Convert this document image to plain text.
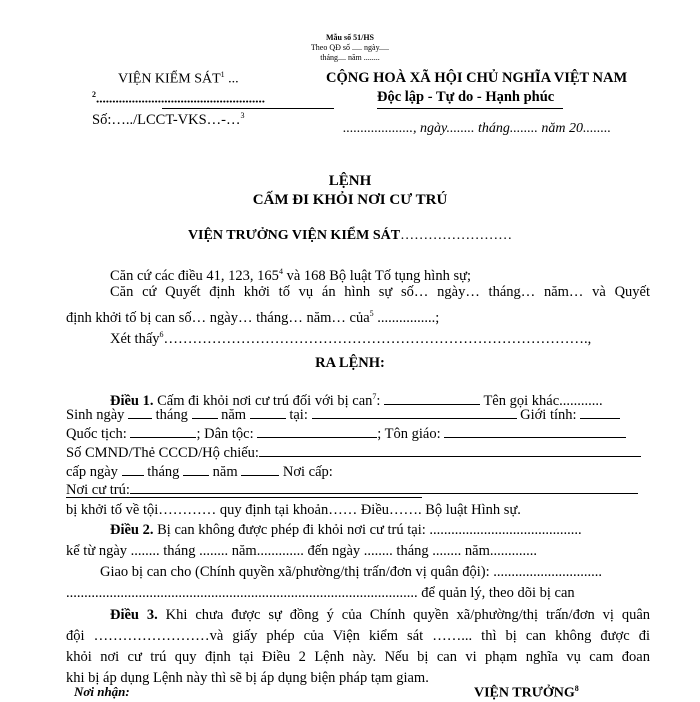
Mẫu số 51/HS
Theo QĐ số ..... ngày.....
tháng.... năm ........
VIỆN KIỂM SÁT$^1$ ...
$^2$....................................................
Số:…../LCCT-VKS…-…$^3$
CỘNG HOÀ XÃ HỘI CHỦ NGHĨA VIỆT NAM
Độc lập - Tự do - Hạnh phúc
...................., ngày........ tháng........ năm 20........
LỆNH
CẤM ĐI KHỎI NƠI CƯ TRÚ
VIỆN TRƯỞNG VIỆN KIỂM SÁT……………………
Căn cứ các điều 41, 123, $165^4$ và 168 Bộ luật Tố tụng hình sự;
Căn cứ Quyết định khởi tố vụ án hình sự số… ngày… tháng… năm… và Quyết
định khởi tố bị can số… ngày… tháng… năm… của$^5$ ................;
Xét thấy$^6$…………………………………………………………………………….,
RA LỆNH:
Điều 1. Cấm đi khỏi nơi cư trú đối với bị can$^7$:	Tên gọi khác............
Sinh ngày tháng năm	tại:	Giới tính:
Quốc tịch:	; Dân tộc:	; Tôn giáo:
Số CMND/Thẻ CCCD/Hộ chiếu:
cấp ngày tháng năm	Nơi cấp:
Nơi cư trú:
bị khởi tố về tội………… quy định tại khoản…… Điều……. Bộ luật Hình sự.
Điều 2. Bị can không được phép đi khỏi nơi cư trú tại: ..........................................
kể từ ngày ........ tháng ........ năm............. đến ngày ........ tháng ........ năm.............
Giao bị can cho (Chính quyền xã/phường/thị trấn/đơn vị quân đội): ..............................
................................................................................................. để quản lý, theo dõi bị can
Điều 3. Khi chưa được sự đồng ý của Chính quyền xã/phường/thị trấn/đơn vị quân
đội ……………………và giấy phép của Viện kiểm sát ……... thì bị can không được đi
khỏi nơi cư trú quy định tại Điều 2 Lệnh này. Nếu bị can vi phạm nghĩa vụ cam đoan
khi bị áp dụng Lệnh này thì sẽ bị áp dụng biện pháp tạm giam.
Nơi nhận:	VIỆN TRƯỞNG$^8$
